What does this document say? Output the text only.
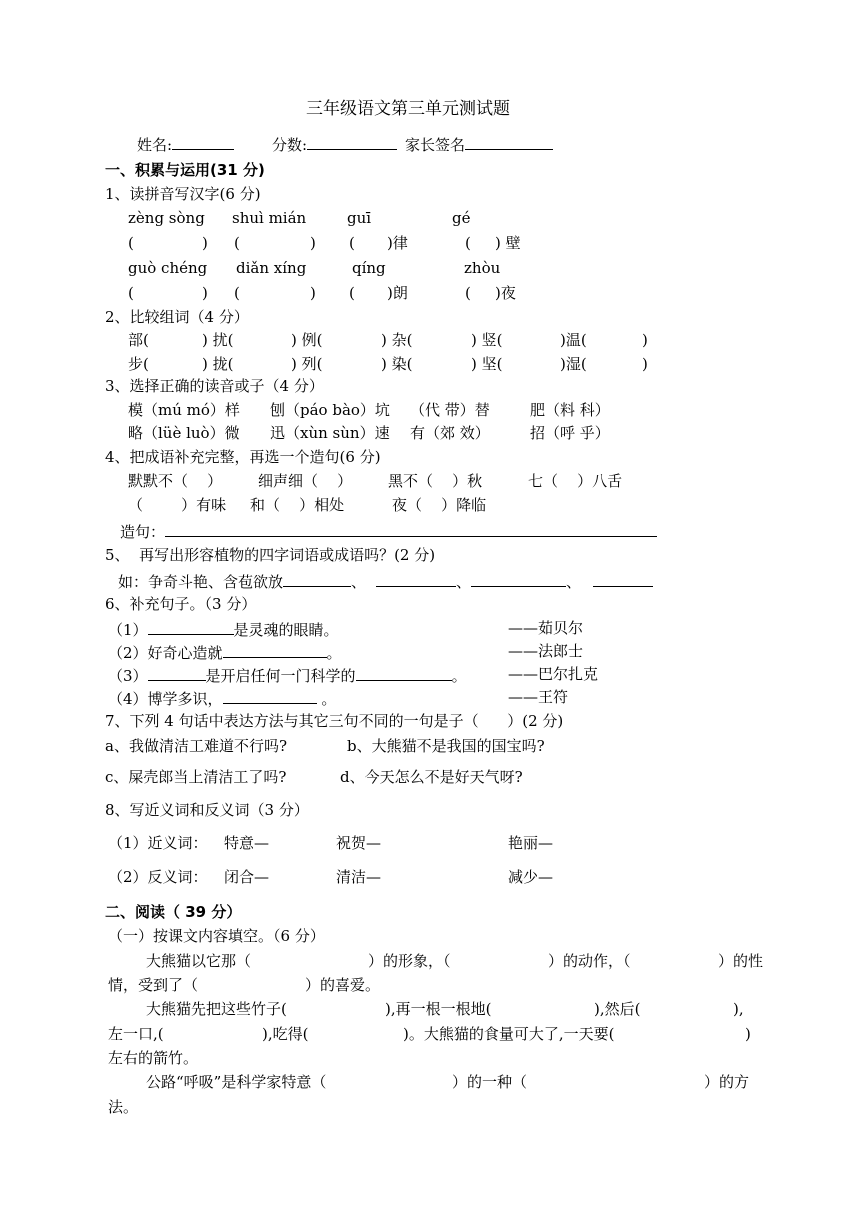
三年级语文第三单元测试题
姓名:	分数:	家长签名
一、积累与运用(31 分)
1、读拼音写汉字(6 分)
zèng sòng shuì mián	guī	gé
(	) (	) ( )律	( ) 壁
guò chéng diǎn xíng	qíng	zhòu
(	) (	) ( )朗	( )夜
2、比较组词（4 分）
部(	) 扰(	) 例(	) 杂(	) 竖(	)温(	)
步(	) 拢(	) 列(	) 染(	) 坚(	)湿(	)
3、选择正确的读音或子（4 分）
模（mú mó）样 刨（páo bào）坑 （代 带）替	肥（料 科）
略（lüè luò）微 迅（xùn sùn）速 有（郊 效）	招（呼 乎）
4、把成语补充完整，再选一个造句(6 分)
默默不（    ） 细声细（    ） 黑不（    ）秋	七（    ）八舌
（        ）有味 和（    ）相处	夜（    ）降临
造句：
5、  再写出形容植物的四字词语或成语吗？(2 分)
如：争奇斗艳、含苞欲放	、	、	、
6、补充句子。（3 分）
（1）	是灵魂的眼睛。	——茹贝尔
（2）好奇心造就	。	——法郎士
（3）	是开启任何一门科学的	。	——巴尔扎克
（4）博学多识，	。	——王符
7、下列 4 句话中表达方法与其它三句不同的一句是子（      ）(2 分)
a、我做清洁工难道不行吗?	b、大熊猫不是我国的国宝吗?
c、屎壳郎当上清洁工了吗?	d、今天怎么不是好天气呀?
8、写近义词和反义词（3 分）
（1）近义词： 特意—	祝贺—	艳丽—
（2）反义词： 闭合—	清洁—	减少—
二、阅读（ 39 分）
（一）按课文内容填空。（6 分）
大熊猫以它那（	）的形象，（	）的动作，（	）的性
情，受到了（	）的喜爱。
大熊猫先把这些竹子(	),再一根一根地(	),然后(	),
左一口,(	),吃得(	)。大熊猫的食量可大了,一天要(	)
左右的箭竹。
公路“呼吸”是科学家特意（	）的一种（	）的方
法。
